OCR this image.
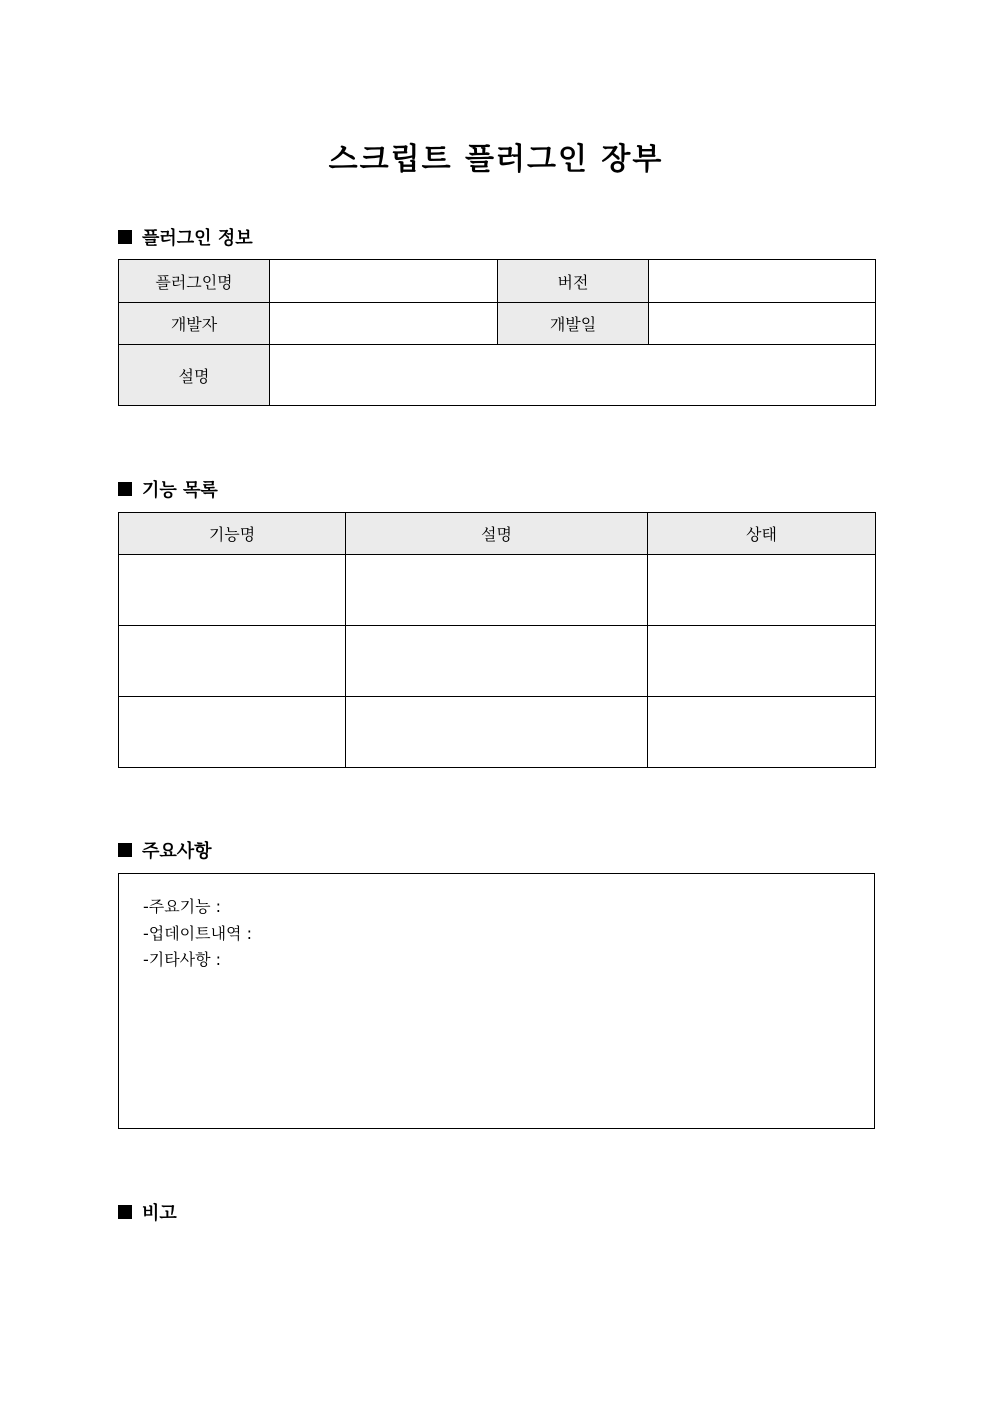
스크립트 플러그인 장부
플러그인 정보
플러그인명		버전	
개발자		개발일	
설명			
기능 목록
기능명	설명	상태

주요사항
-주요기능 :
-업데이트내역 :
-기타사항 :
비고
